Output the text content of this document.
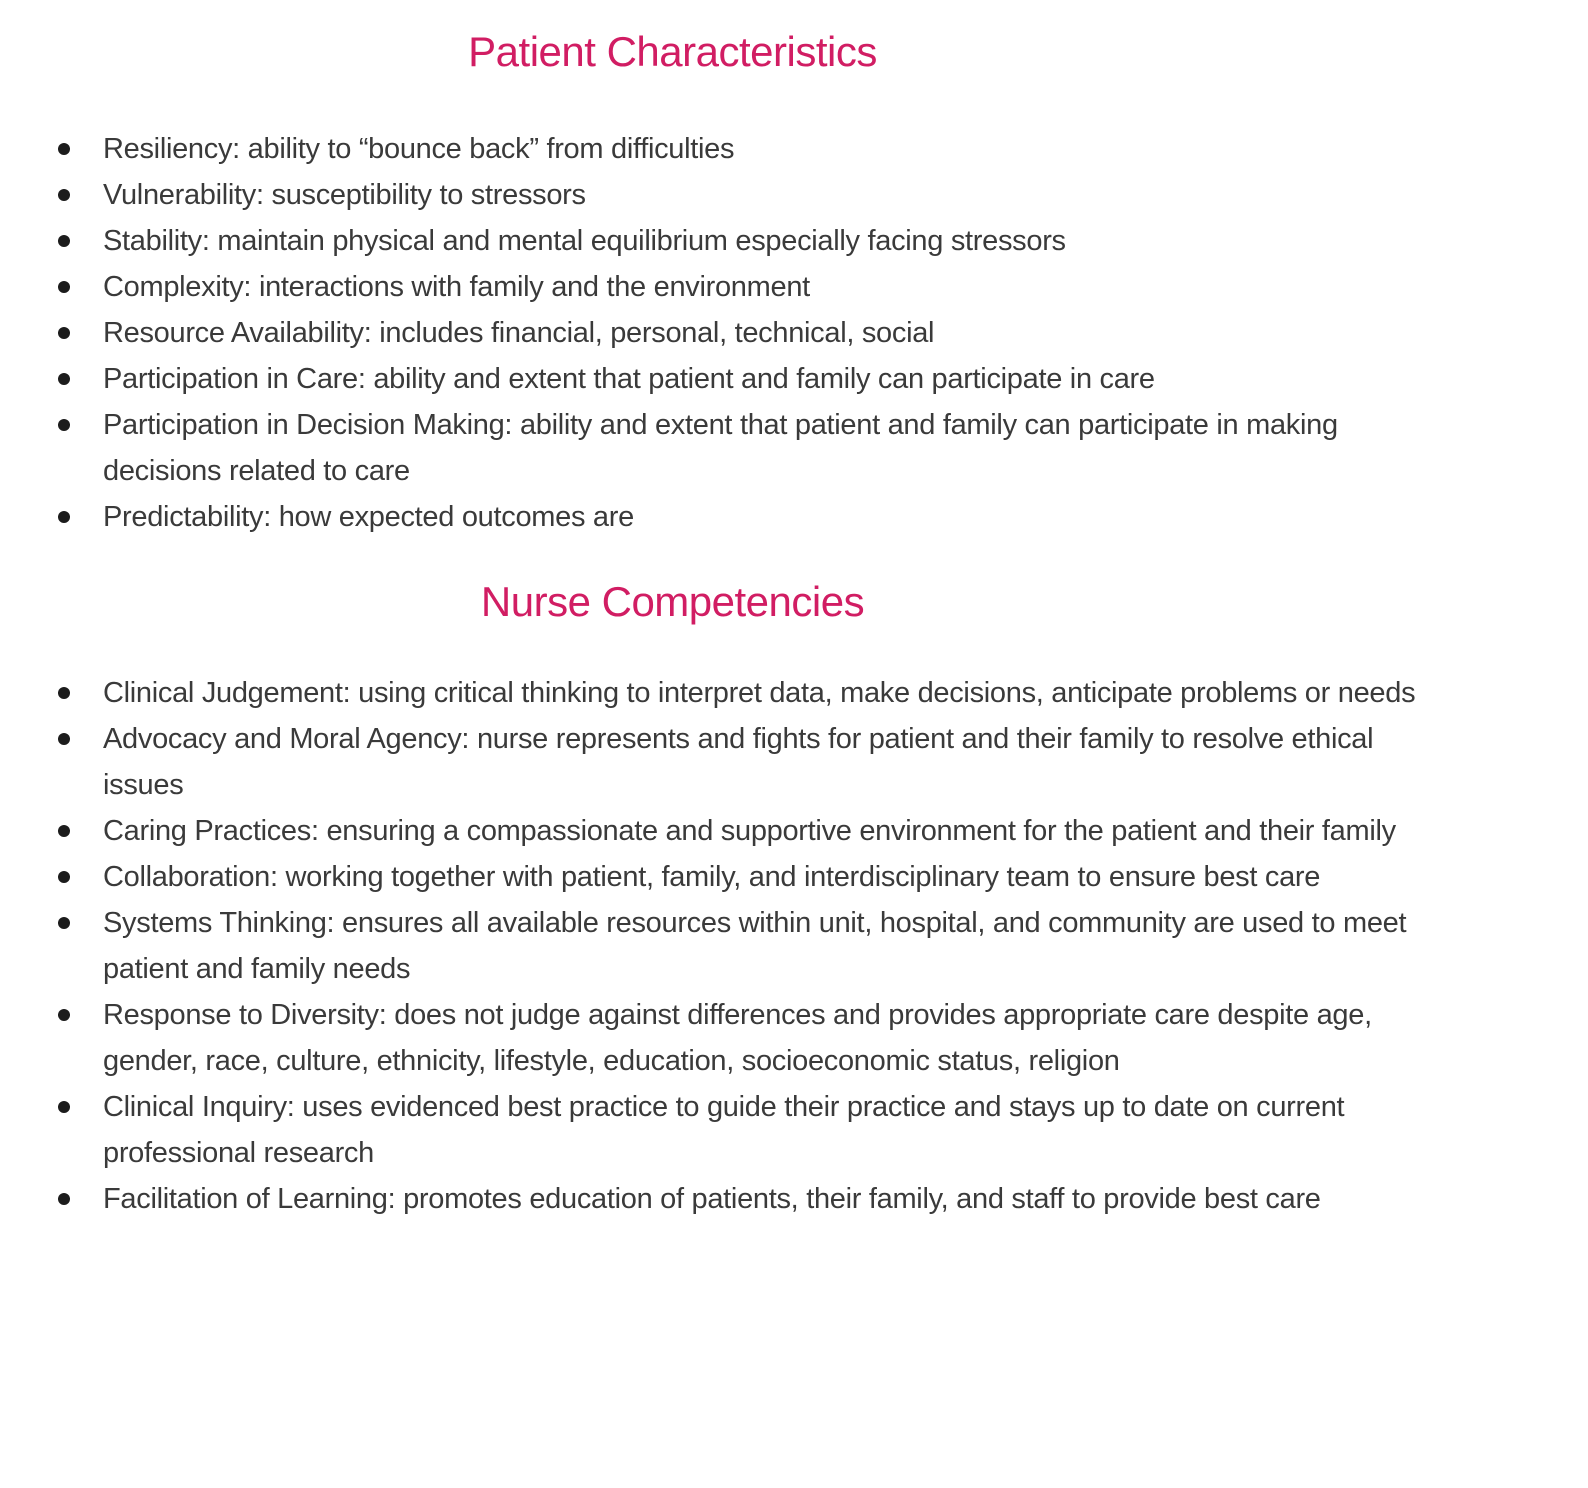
Patient Characteristics
Resiliency: ability to “bounce back” from difficulties
Vulnerability: susceptibility to stressors
Stability: maintain physical and mental equilibrium especially facing stressors
Complexity: interactions with family and the environment
Resource Availability: includes financial, personal, technical, social
Participation in Care: ability and extent that patient and family can participate in care
Participation in Decision Making: ability and extent that patient and family can participate in making decisions related to care
Predictability: how expected outcomes are
Nurse Competencies
Clinical Judgement: using critical thinking to interpret data, make decisions, anticipate problems or needs
Advocacy and Moral Agency: nurse represents and fights for patient and their family to resolve ethical issues
Caring Practices: ensuring a compassionate and supportive environment for the patient and their family
Collaboration: working together with patient, family, and interdisciplinary team to ensure best care
Systems Thinking: ensures all available resources within unit, hospital, and community are used to meet patient and family needs
Response to Diversity: does not judge against differences and provides appropriate care despite age, gender, race, culture, ethnicity, lifestyle, education, socioeconomic status, religion
Clinical Inquiry: uses evidenced best practice to guide their practice and stays up to date on current professional research
Facilitation of Learning: promotes education of patients, their family, and staff to provide best care
